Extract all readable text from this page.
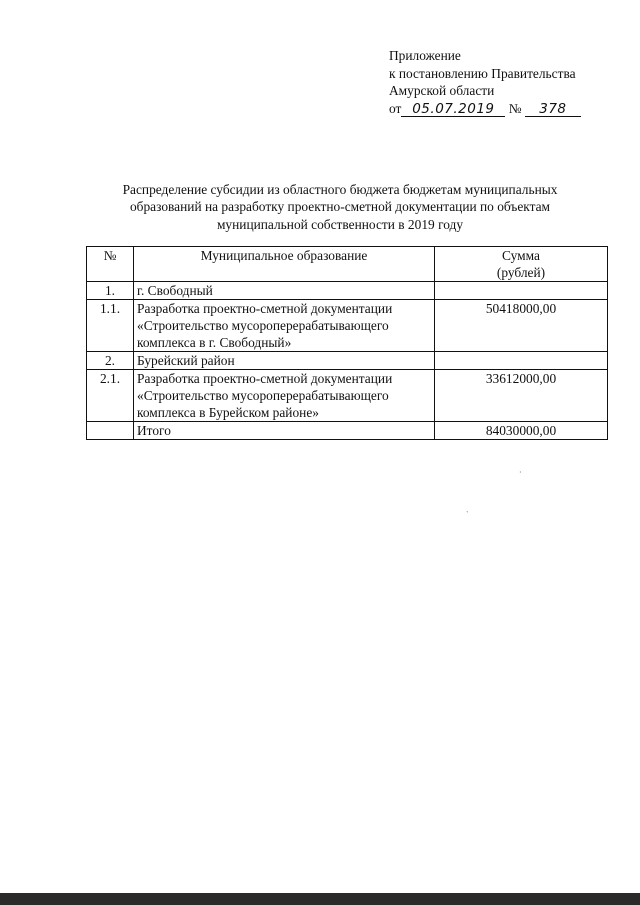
Приложение
к постановлению Правительства
Амурской области
от 05.07.2019 № 378
Распределение субсидии из областного бюджета бюджетам муниципальных
образований на разработку проектно-сметной документации по объектам
муниципальной собственности в 2019 году
№	Муниципальное образование	Сумма
(рублей)

1.	г. Свободный	

1.1.	Разработка проектно-сметной документации
«Строительство мусороперерабатывающего
комплекса в г. Свободный»	50418000,00
2.	Бурейский район	

2.1.	Разработка проектно-сметной документации
«Строительство мусороперерабатывающего
комплекса в Бурейском районе»	33612000,00

	Итого	84030000,00
·
`
